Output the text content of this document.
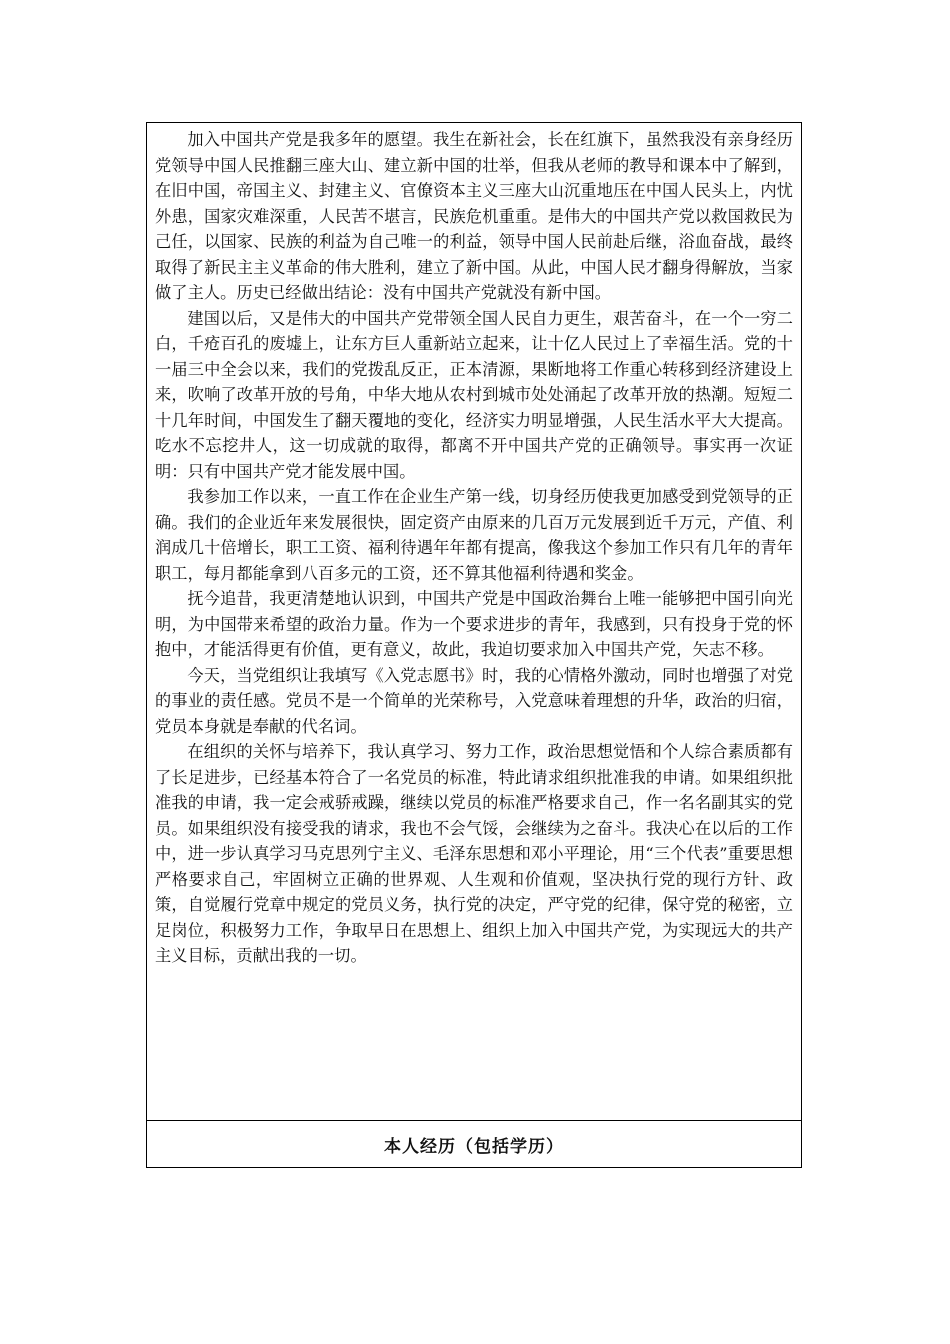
加入中国共产党是我多年的愿望。我生在新社会，长在红旗下，虽然我没有亲身经历党领导中国人民推翻三座大山、建立新中国的壮举，但我从老师的教导和课本中了解到，在旧中国，帝国主义、封建主义、官僚资本主义三座大山沉重地压在中国人民头上，内忧外患，国家灾难深重，人民苦不堪言，民族危机重重。是伟大的中国共产党以救国救民为己任，以国家、民族的利益为自己唯一的利益，领导中国人民前赴后继，浴血奋战，最终取得了新民主主义革命的伟大胜利，建立了新中国。从此，中国人民才翻身得解放，当家做了主人。历史已经做出结论：没有中国共产党就没有新中国。

建国以后，又是伟大的中国共产党带领全国人民自力更生，艰苦奋斗，在一个一穷二白，千疮百孔的废墟上，让东方巨人重新站立起来，让十亿人民过上了幸福生活。党的十一届三中全会以来，我们的党拨乱反正，正本清源，果断地将工作重心转移到经济建设上来，吹响了改革开放的号角，中华大地从农村到城市处处涌起了改革开放的热潮。短短二十几年时间，中国发生了翻天覆地的变化，经济实力明显增强，人民生活水平大大提高。吃水不忘挖井人，这一切成就的取得，都离不开中国共产党的正确领导。事实再一次证明：只有中国共产党才能发展中国。

我参加工作以来，一直工作在企业生产第一线，切身经历使我更加感受到党领导的正确。我们的企业近年来发展很快，固定资产由原来的几百万元发展到近千万元，产值、利润成几十倍增长，职工工资、福利待遇年年都有提高，像我这个参加工作只有几年的青年职工，每月都能拿到八百多元的工资，还不算其他福利待遇和奖金。

抚今追昔，我更清楚地认识到，中国共产党是中国政治舞台上唯一能够把中国引向光明，为中国带来希望的政治力量。作为一个要求进步的青年，我感到，只有投身于党的怀抱中，才能活得更有价值，更有意义，故此，我迫切要求加入中国共产党，矢志不移。

今天，当党组织让我填写《入党志愿书》时，我的心情格外激动，同时也增强了对党的事业的责任感。党员不是一个简单的光荣称号，入党意味着理想的升华，政治的归宿，党员本身就是奉献的代名词。

在组织的关怀与培养下，我认真学习、努力工作，政治思想觉悟和个人综合素质都有了长足进步，已经基本符合了一名党员的标准，特此请求组织批准我的申请。如果组织批准我的申请，我一定会戒骄戒躁，继续以党员的标准严格要求自己，作一名名副其实的党员。如果组织没有接受我的请求，我也不会气馁，会继续为之奋斗。我决心在以后的工作中，进一步认真学习马克思列宁主义、毛泽东思想和邓小平理论，用“三个代表”重要思想严格要求自己，牢固树立正确的世界观、人生观和价值观，坚决执行党的现行方针、政策，自觉履行党章中规定的党员义务，执行党的决定，严守党的纪律，保守党的秘密，立足岗位，积极努力工作，争取早日在思想上、组织上加入中国共产党，为实现远大的共产主义目标，贡献出我的一切。

本人经历（包括学历）
